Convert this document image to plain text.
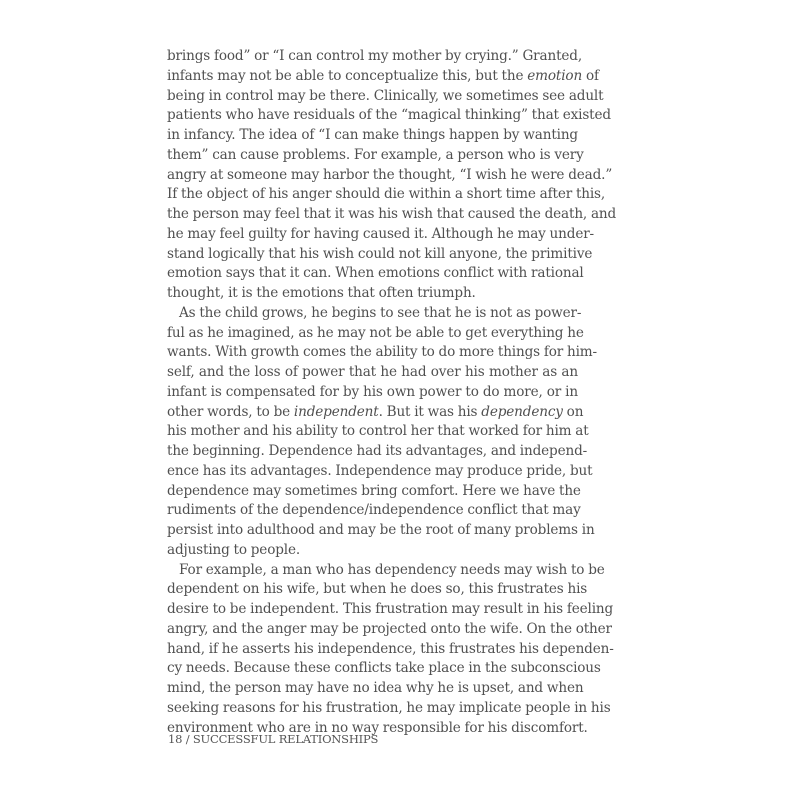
brings food” or “I can control my mother by crying.” Granted,
infants may not be able to conceptualize this, but the emotion of
being in control may be there. Clinically, we sometimes see adult
patients who have residuals of the “magical thinking” that existed
in infancy. The idea of “I can make things happen by wanting
them” can cause problems. For example, a person who is very
angry at someone may harbor the thought, “I wish he were dead.”
If the object of his anger should die within a short time after this,
the person may feel that it was his wish that caused the death, and
he may feel guilty for having caused it. Although he may under-
stand logically that his wish could not kill anyone, the primitive
emotion says that it can. When emotions conflict with rational
thought, it is the emotions that often triumph.
As the child grows, he begins to see that he is not as power-
ful as he imagined, as he may not be able to get everything he
wants. With growth comes the ability to do more things for him-
self, and the loss of power that he had over his mother as an
infant is compensated for by his own power to do more, or in
other words, to be independent. But it was his dependency on
his mother and his ability to control her that worked for him at
the beginning. Dependence had its advantages, and independ-
ence has its advantages. Independence may produce pride, but
dependence may sometimes bring comfort. Here we have the
rudiments of the dependence/independence conflict that may
persist into adulthood and may be the root of many problems in
adjusting to people.
For example, a man who has dependency needs may wish to be
dependent on his wife, but when he does so, this frustrates his
desire to be independent. This frustration may result in his feeling
angry, and the anger may be projected onto the wife. On the other
hand, if he asserts his independence, this frustrates his dependen-
cy needs. Because these conflicts take place in the subconscious
mind, the person may have no idea why he is upset, and when
seeking reasons for his frustration, he may implicate people in his
environment who are in no way responsible for his discomfort.
18 / SUCCESSFUL RELATIONSHIPS
